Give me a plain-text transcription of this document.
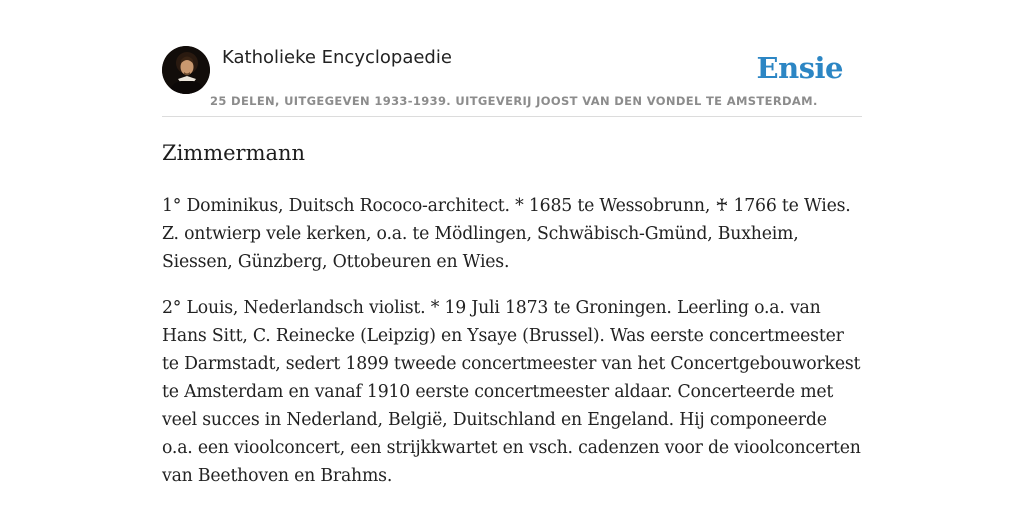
Katholieke Encyclopaedie
25 DELEN, UITGEGEVEN 1933-1939. UITGEVERIJ JOOST VAN DEN VONDEL TE AMSTERDAM.
Ensie
Zimmermann

1° Dominikus, Duitsch Rococo-architect. * 1685 te Wessobrunn, ♰ 1766 te Wies. Z. ontwierp vele kerken, o.a. te Mödlingen, Schwäbisch-Gmünd, Buxheim, Siessen, Günzberg, Ottobeuren en Wies.

2° Louis, Nederlandsch violist. * 19 Juli 1873 te Groningen. Leerling o.a. van Hans Sitt, C. Reinecke (Leipzig) en Ysaye (Brussel). Was eerste concertmeester te Darmstadt, sedert 1899 tweede concertmeester van het Concertgebouworkest te Amsterdam en vanaf 1910 eerste concertmeester aldaar. Concerteerde met veel succes in Nederland, België, Duitschland en Engeland. Hij componeerde o.a. een vioolconcert, een strijkkwartet en vsch. cadenzen voor de vioolconcerten van Beethoven en Brahms.
